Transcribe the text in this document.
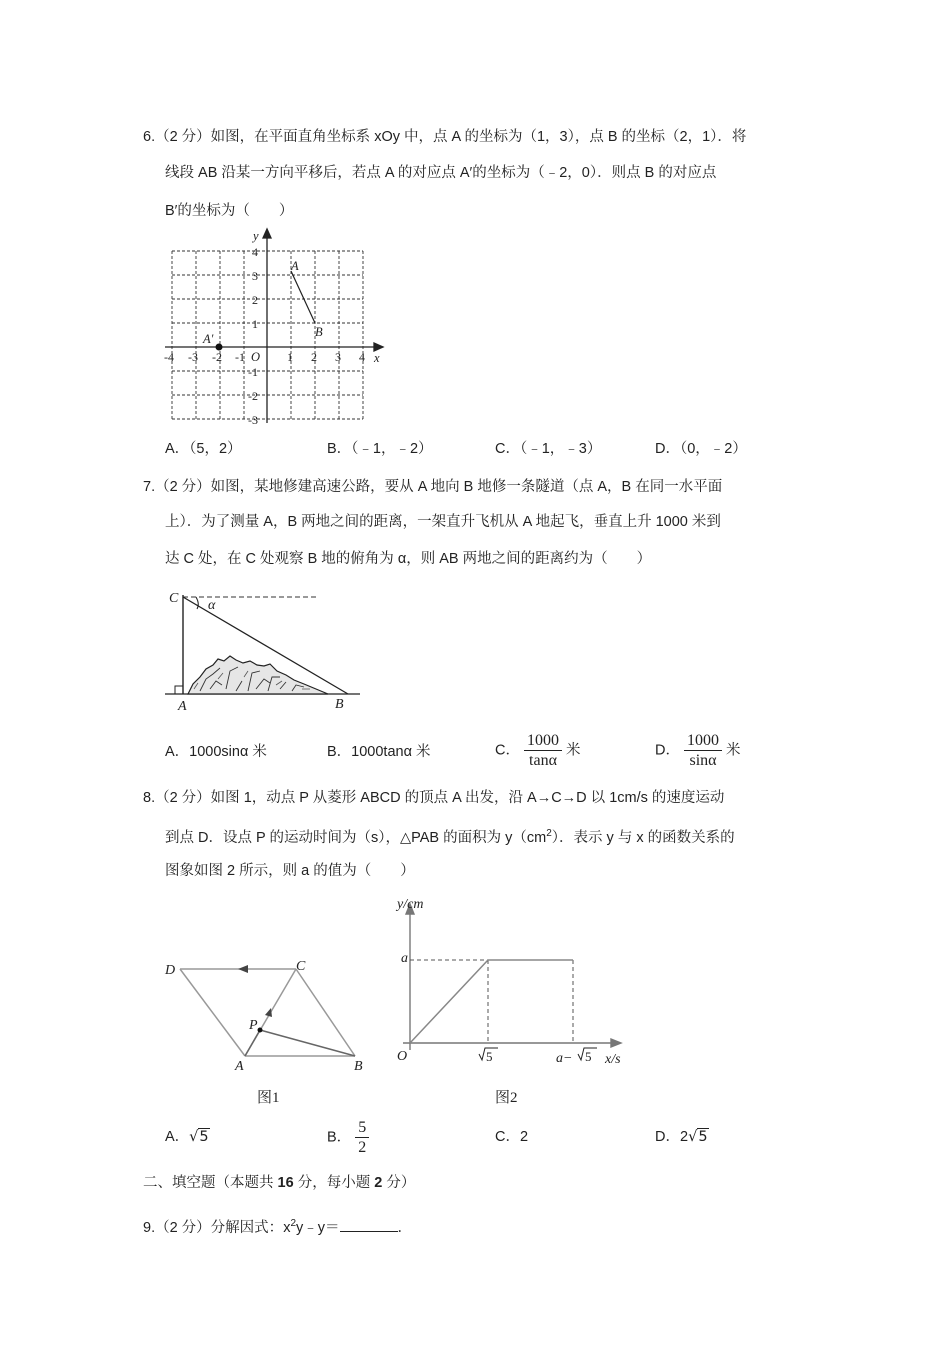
6.（2 分）如图，在平面直角坐标系 xOy 中，点 A 的坐标为（1，3），点 B 的坐标（2，1）．将
线段 AB 沿某一方向平移后，若点 A 的对应点 A′的坐标为（﹣2，0）．则点 B 的对应点
B′的坐标为（　　）
y
x
A
B
A′
O
-4 -3 -2 -1	1 2 3 4
4
3
2
1
-1
-2
-3
A．（5，2）	B．（﹣1，﹣2）	C．（﹣1，﹣3）	D．（0，﹣2）
7.（2 分）如图，某地修建高速公路，要从 A 地向 B 地修一条隧道（点 A，B 在同一水平面
上）．为了测量 A，B 两地之间的距离，一架直升飞机从 A 地起飞，垂直上升 1000 米到
达 C 处，在 C 处观察 B 地的俯角为 α，则 AB 两地之间的距离约为（　　）
C α
A	B
A．1000sinα 米	B．1000tanα 米	C． $\frac{1000}{\tan\alpha}$ 米	D． $\frac{1000}{\sin\alpha}$ 米
8.（2 分）如图 1，动点 P 从菱形 ABCD 的顶点 A 出发，沿 A→C→D 以 1cm/s 的速度运动
到点 D．设点 P 的运动时间为（s），△PAB 的面积为 $y(cm^2)$．表示 y 与 x 的函数关系的
图象如图 2 所示，则 a 的值为（　　）
D	C
P
A	B
y/cm
x/s
O
a
a−
5	5
图1	图2
A．√5	B． $\frac{5}{2}$	C．2	D．2√5
二、填空题（本题共 16 分，每小题 2 分）
9.（2 分）分解因式：$x^2y﹣y=$	．
